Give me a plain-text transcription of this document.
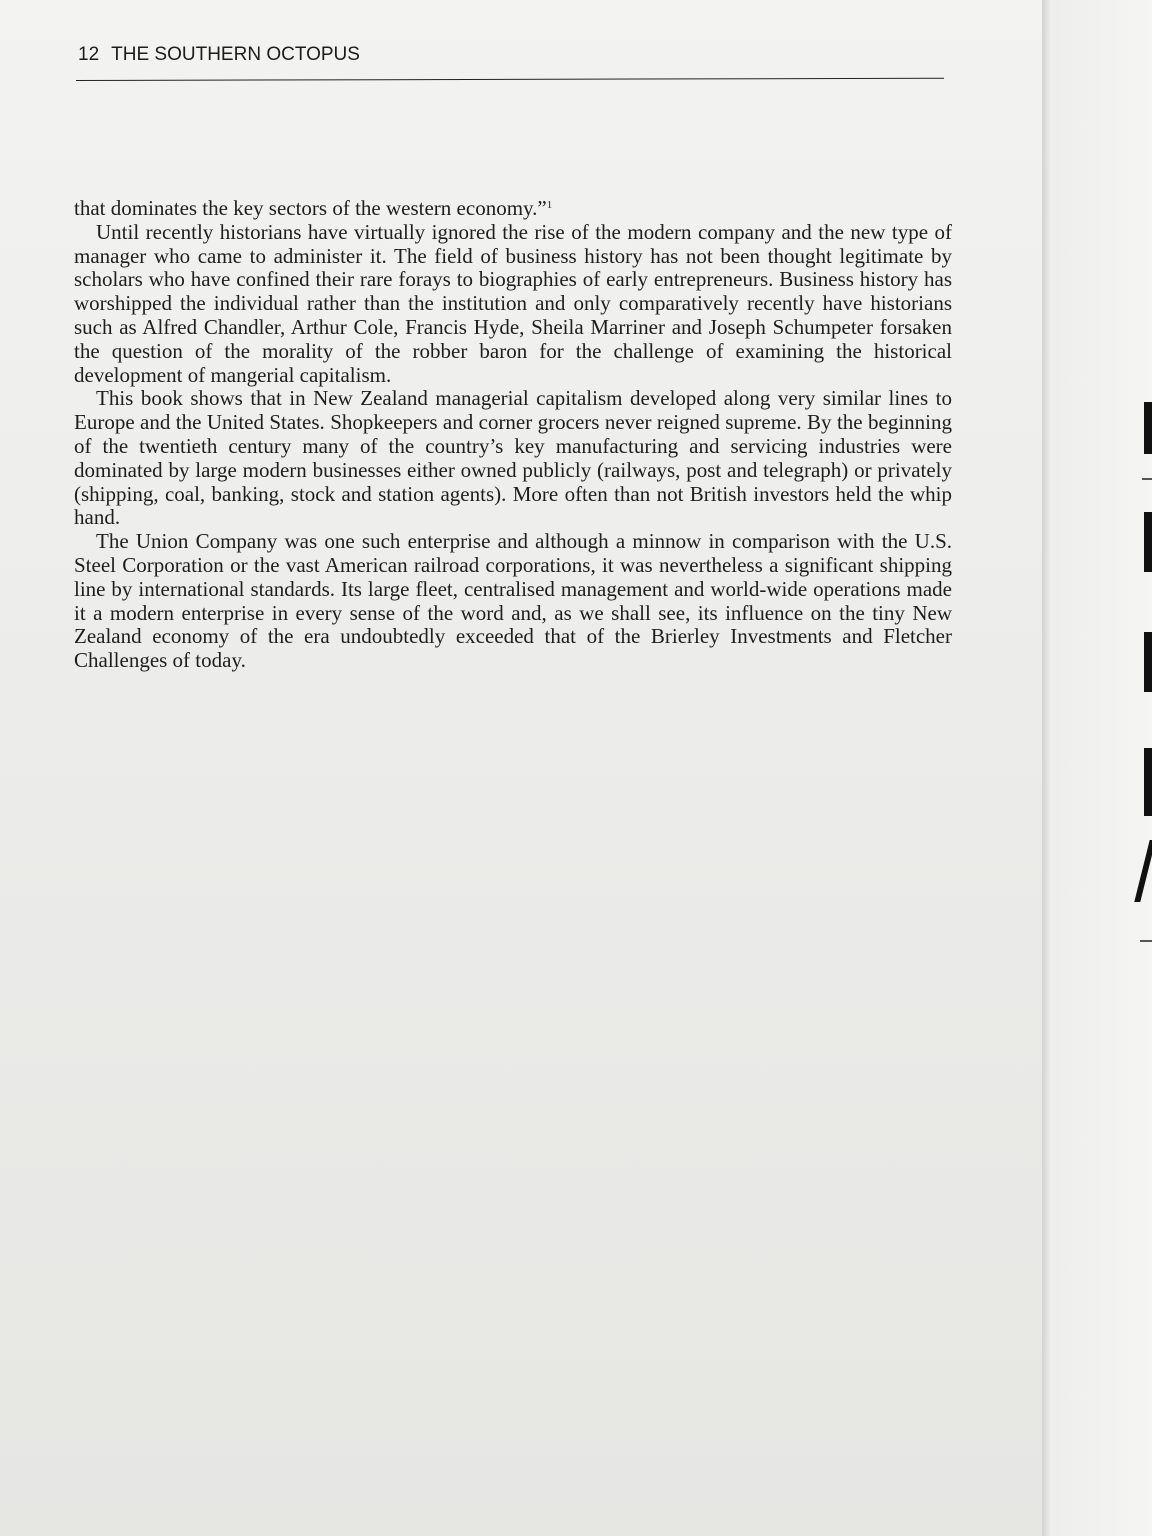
12 THE SOUTHERN OCTOPUS

that dominates the key sectors of the western economy.”$^1$

Until recently historians have virtually ignored the rise of the modern company and the new type of manager who came to administer it. The field of business history has not been thought legitimate by scholars who have confined their rare forays to biographies of early entrepreneurs. Business history has worshipped the individual rather than the institution and only comparatively recently have historians such as Alfred Chandler, Arthur Cole, Francis Hyde, Sheila Marriner and Joseph Schumpeter forsaken the question of the morality of the robber baron for the challenge of examining the historical development of mangerial capitalism.

This book shows that in New Zealand managerial capitalism developed along very similar lines to Europe and the United States. Shopkeepers and corner grocers never reigned supreme. By the beginning of the twentieth century many of the country’s key manufacturing and servicing industries were dominated by large modern businesses either owned publicly (railways, post and telegraph) or privately (shipping, coal, banking, stock and station agents). More often than not British investors held the whip hand.

The Union Company was one such enterprise and although a minnow in comparison with the U.S. Steel Corporation or the vast American railroad corporations, it was nevertheless a significant shipping line by international standards. Its large fleet, centralised management and world-wide operations made it a modern enterprise in every sense of the word and, as we shall see, its influence on the tiny New Zealand economy of the era undoubtedly exceeded that of the Brierley Investments and Fletcher Challenges of today.
